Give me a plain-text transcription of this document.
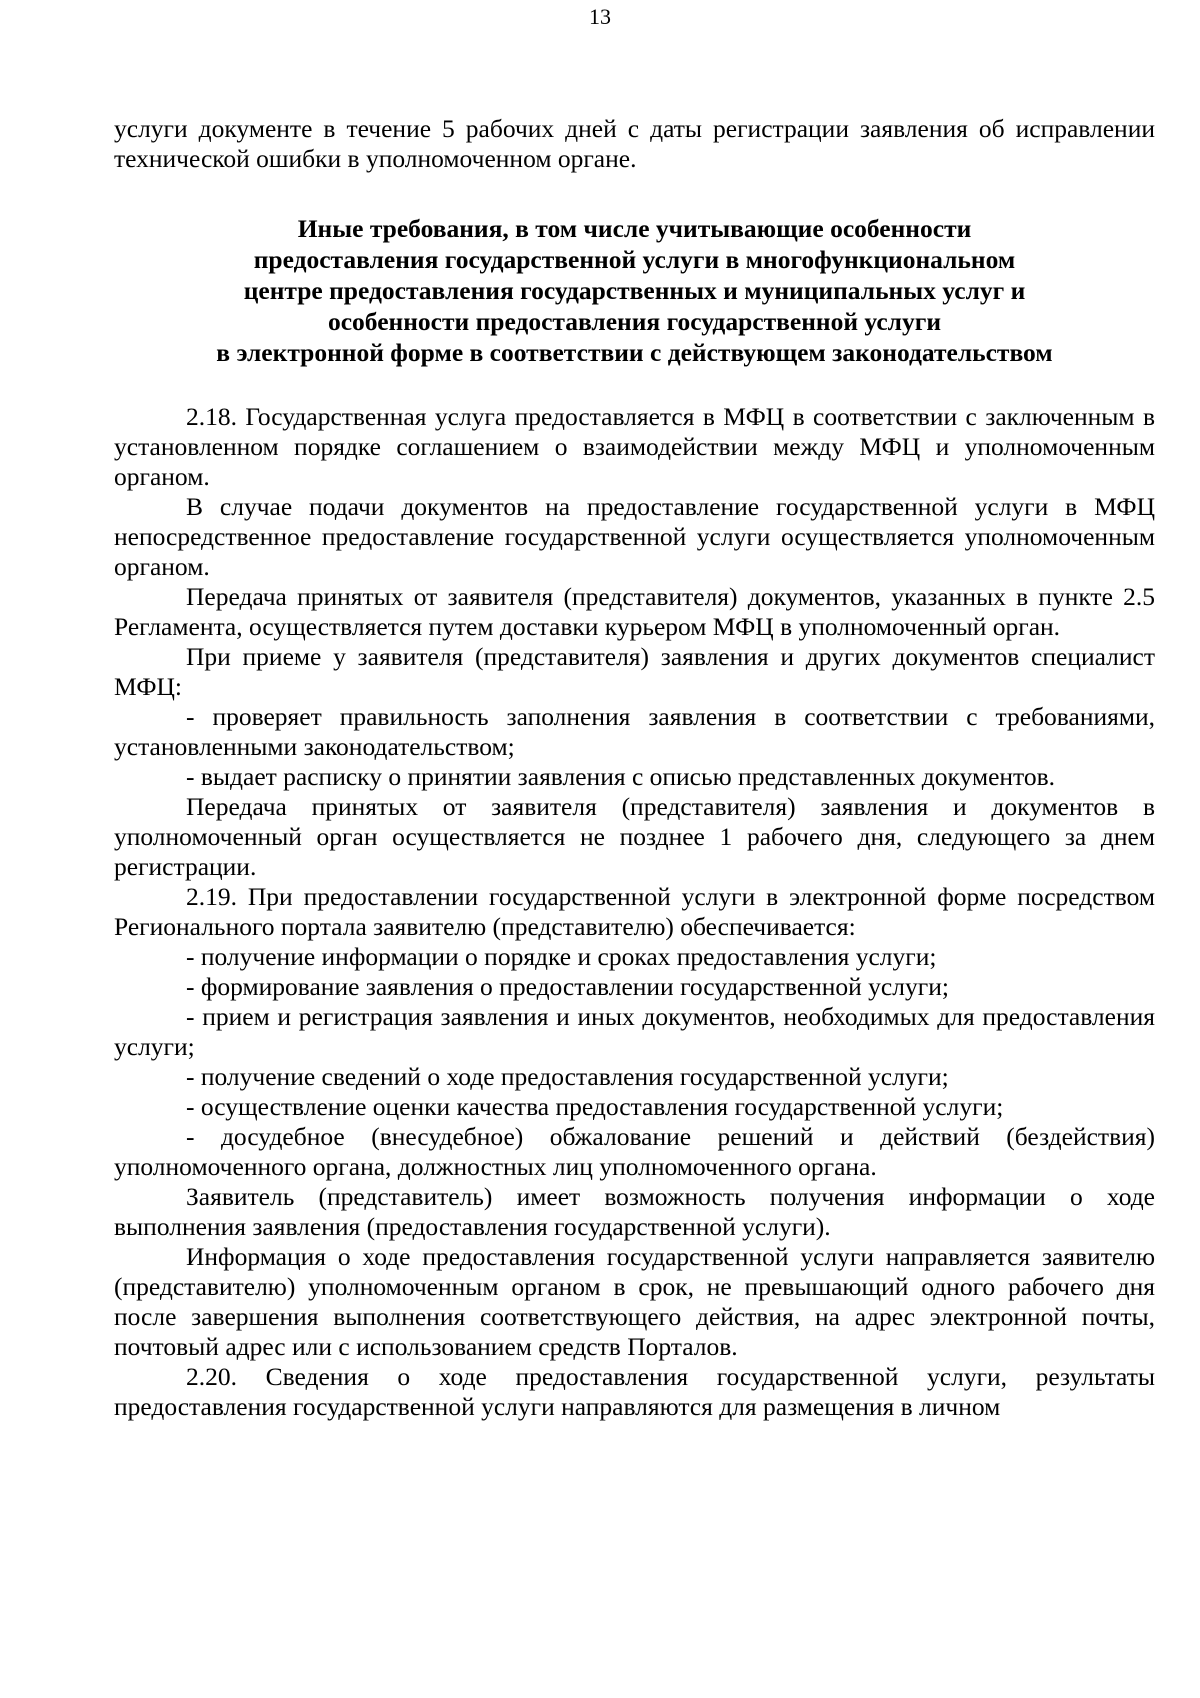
13

услуги документе в течение 5 рабочих дней с даты регистрации заявления об исправлении технической ошибки в уполномоченном органе.

Иные требования, в том числе учитывающие особенности
предоставления государственной услуги в многофункциональном
центре предоставления государственных и муниципальных услуг и
особенности предоставления государственной услуги
в электронной форме в соответствии с действующем законодательством

2.18. Государственная услуга предоставляется в МФЦ в соответствии с заключенным в установленном порядке соглашением о взаимодействии между МФЦ и уполномоченным органом.

В случае подачи документов на предоставление государственной услуги в МФЦ непосредственное предоставление государственной услуги осуществляется уполномоченным органом.

Передача принятых от заявителя (представителя) документов, указанных в пункте 2.5 Регламента, осуществляется путем доставки курьером МФЦ в уполномоченный орган.

При приеме у заявителя (представителя) заявления и других документов специалист МФЦ:

- проверяет правильность заполнения заявления в соответствии с требованиями, установленными законодательством;

- выдает расписку о принятии заявления с описью представленных документов.

Передача принятых от заявителя (представителя) заявления и документов в уполномоченный орган осуществляется не позднее 1 рабочего дня, следующего за днем регистрации.

2.19. При предоставлении государственной услуги в электронной форме посредством Регионального портала заявителю (представителю) обеспечивается:

- получение информации о порядке и сроках предоставления услуги;

- формирование заявления о предоставлении государственной услуги;

- прием и регистрация заявления и иных документов, необходимых для предоставления услуги;

- получение сведений о ходе предоставления государственной услуги;

- осуществление оценки качества предоставления государственной услуги;

- досудебное (внесудебное) обжалование решений и действий (бездействия) уполномоченного органа, должностных лиц уполномоченного органа.

Заявитель (представитель) имеет возможность получения информации о ходе выполнения заявления (предоставления государственной услуги).

Информация о ходе предоставления государственной услуги направляется заявителю (представителю) уполномоченным органом в срок, не превышающий одного рабочего дня после завершения выполнения соответствующего действия, на адрес электронной почты, почтовый адрес или с использованием средств Порталов.

2.20. Сведения о ходе предоставления государственной услуги, результаты предоставления государственной услуги направляются для размещения в личном
